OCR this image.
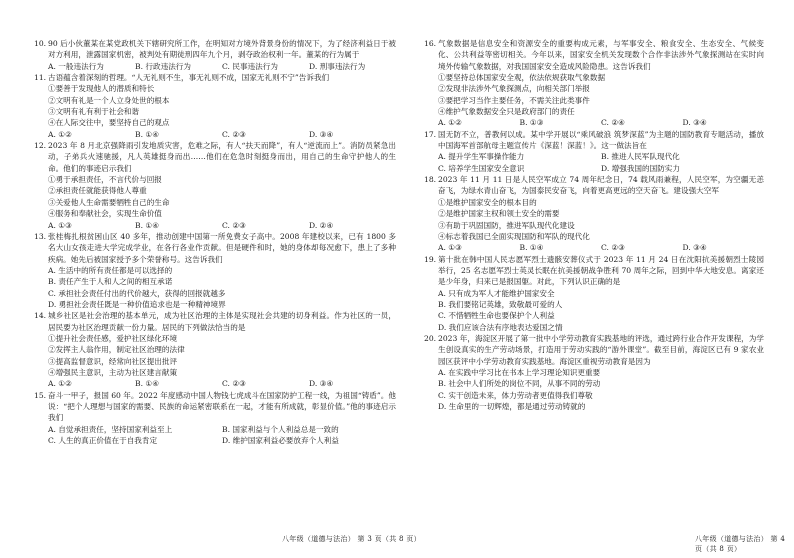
10. 90 后小伙董某在某党政机关下辖研究所工作，在明知对方境外背景身份的情况下，为了经济利益日于被对方利用，泄露国家机密，被判处有期徒刑四年九个月，剥夺政治权利一年。董某的行为属于
A. 一般违法行为	B. 行政违法行为	C. 民事违法行为	D. 刑事违法行为
11. 古语蕴含着深刻的哲理。“人无礼则不生，事无礼则不成，国家无礼则不宁”告诉我们
①要善于发现他人的潜质和特长
②文明有礼是一个人立身处世的根本
③文明有礼有利于社会和谐
④在人际交往中，要坚持自己的观点
A. ①②	B. ①④	C. ②③	D. ③④
12. 2023 年 8 月北京强降雨引发地质灾害，危难之际，有人“扶天而降”，有人“逆流而上”。消防员紧急出动，子弟兵火速驰援，凡人英雄挺身而出……他们在危急时刻挺身而出，用自己的生命守护他人的生命。他们的事迹启示我们
①勇于承担责任，不言代价与回报
②承担责任就能获得他人尊重
③关爱他人生命需要牺牲自己的生命
④服务和奉献社会，实现生命价值
A. ①③	B. ①④	C. ②③	D. ②④
13. 张桂梅扎根贫困山区 40 多年，推动创建中国第一所免费女子高中。2008 年建校以来，已有 1800 多名大山女孩走进大学完成学业，在各行各业作贡献。但是硬件和时，她的身体却每况愈下，患上了多种疾病。她先后被国家授予多个荣誉称号。这告诉我们
A. 生活中的所有责任都是可以选择的
B. 责任产生于人和人之间的相互承诺
C. 承担社会责任付出的代价越大，获得的回报就越多
D. 勇担社会责任既是一种价值追求也是一种精神境界
14. 城乡社区是社会治理的基本单元，成为社区治理的主体是实现社会共建的切身利益。作为社区的一员，居民要为社区治理贡献一份力量。居民的下列做法恰当的是
①提升社会责任感，爱护社区绿化环境
②发挥主人翁作用，制定社区治理的法律
③提高监督意识，经常向社区提出批评
④增强民主意识，主动为社区建言献策
A. ①②	B. ①④	C. ②③	D. ③④
15. 奋斗一甲子，报国 60 年。2022 年度感动中国人物钱七虎成斗在国家防护工程一线，为祖国“铸盾”。他说：“把个人理想与国家的需要、民族的命运紧密联系在一起，才能有所成就，彰显价值。”他的事迹启示我们
A. 自觉承担责任，坚持国家利益至上	B. 国家利益与个人利益总是一致的
C. 人生的真正价值在于自我肯定	D. 维护国家利益必要放弃个人利益
16. 气象数据是信息安全和资源安全的重要构成元素，与军事安全、粮食安全、生态安全、气候变化、公共利益等密切相关。今年以来，国家安全机关发现数个合作非法涉外气象探测站在实时向境外传输气象数据，对我国国家安全造成风险隐患。这告诉我们
①要坚持总体国家安全观，依法依规获取气象数据
②发现非法涉外气象探测点，向相关部门举报
③要把学习当作主要任务，不需关注此类事件
④维护气象数据安全只是政府部门的责任
A. ①②	B. ①③	C. ②④	D. ③④
17. 国无防不立，普教何以成。某中学开展以“乘风破浪 筑梦深蓝”为主题的国防教育专题活动，播放中国海军首部航母主题宣传片《深蓝！深蓝！》。这一做法旨在
A. 提升学生军事操作能力	B. 推进人民军队现代化
C. 培养学生国家安全意识	D. 增强我国的国防实力
18. 2023 年 11 月 11 日是人民空军成立 74 周年纪念日，74 载风雨兼程，人民空军，为空疆无恙奋飞，为绿水青山奋飞，为国泰民安奋飞，向着更高更远的空天奋飞。建设强大空军
①是维护国家安全的根本目的
②是维护国家主权和领土安全的需要
③有助于巩固国防，推进军队现代化建设
④标志着我国已全面实现国防和军队的现代化
A. ①③	B. ①④	C. ②③	D. ③④
19. 第十批在韩中国人民志愿军烈士遗骸安葬仪式于 2023 年 11 月 24 日在沈阳抗美援朝烈士陵园举行，25 名志愿军烈士英灵长眠在抗美援朝战争胜利 70 周年之际，回到中华大地安息。离家还是少年身，归来已是报国躯。对此，下列认识正确的是
A. 只有成为军人才能维护国家安全
B. 我们要铭记英雄，致敬最可爱的人
C. 不惜牺牲生命也要保护个人利益
D. 我们应该合法有序地表达爱国之情
20. 2023 年，海淀区开展了第一批中小学劳动教育实践基地的评选，通过跨行业合作开发课程，为学生创设真实的生产劳动场景，打造用于劳动实践的“游外课堂”。截至目前，海淀区已有 9 家农业园区获评中小学劳动教育实践基地。海淀区重视劳动教育是因为
A. 在实践中学习比在书本上学习理论知识更重要
B. 社会中人们所处的岗位不同，从事不同的劳动
C. 实干创造未来，体力劳动者更值得我们尊敬
D. 生命里的一切辉煌，都是通过劳动铸就的
八年级（道德与法治） 第 3 页（共 8 页）	八年级（道德与法治） 第 4 页（共 8 页）
